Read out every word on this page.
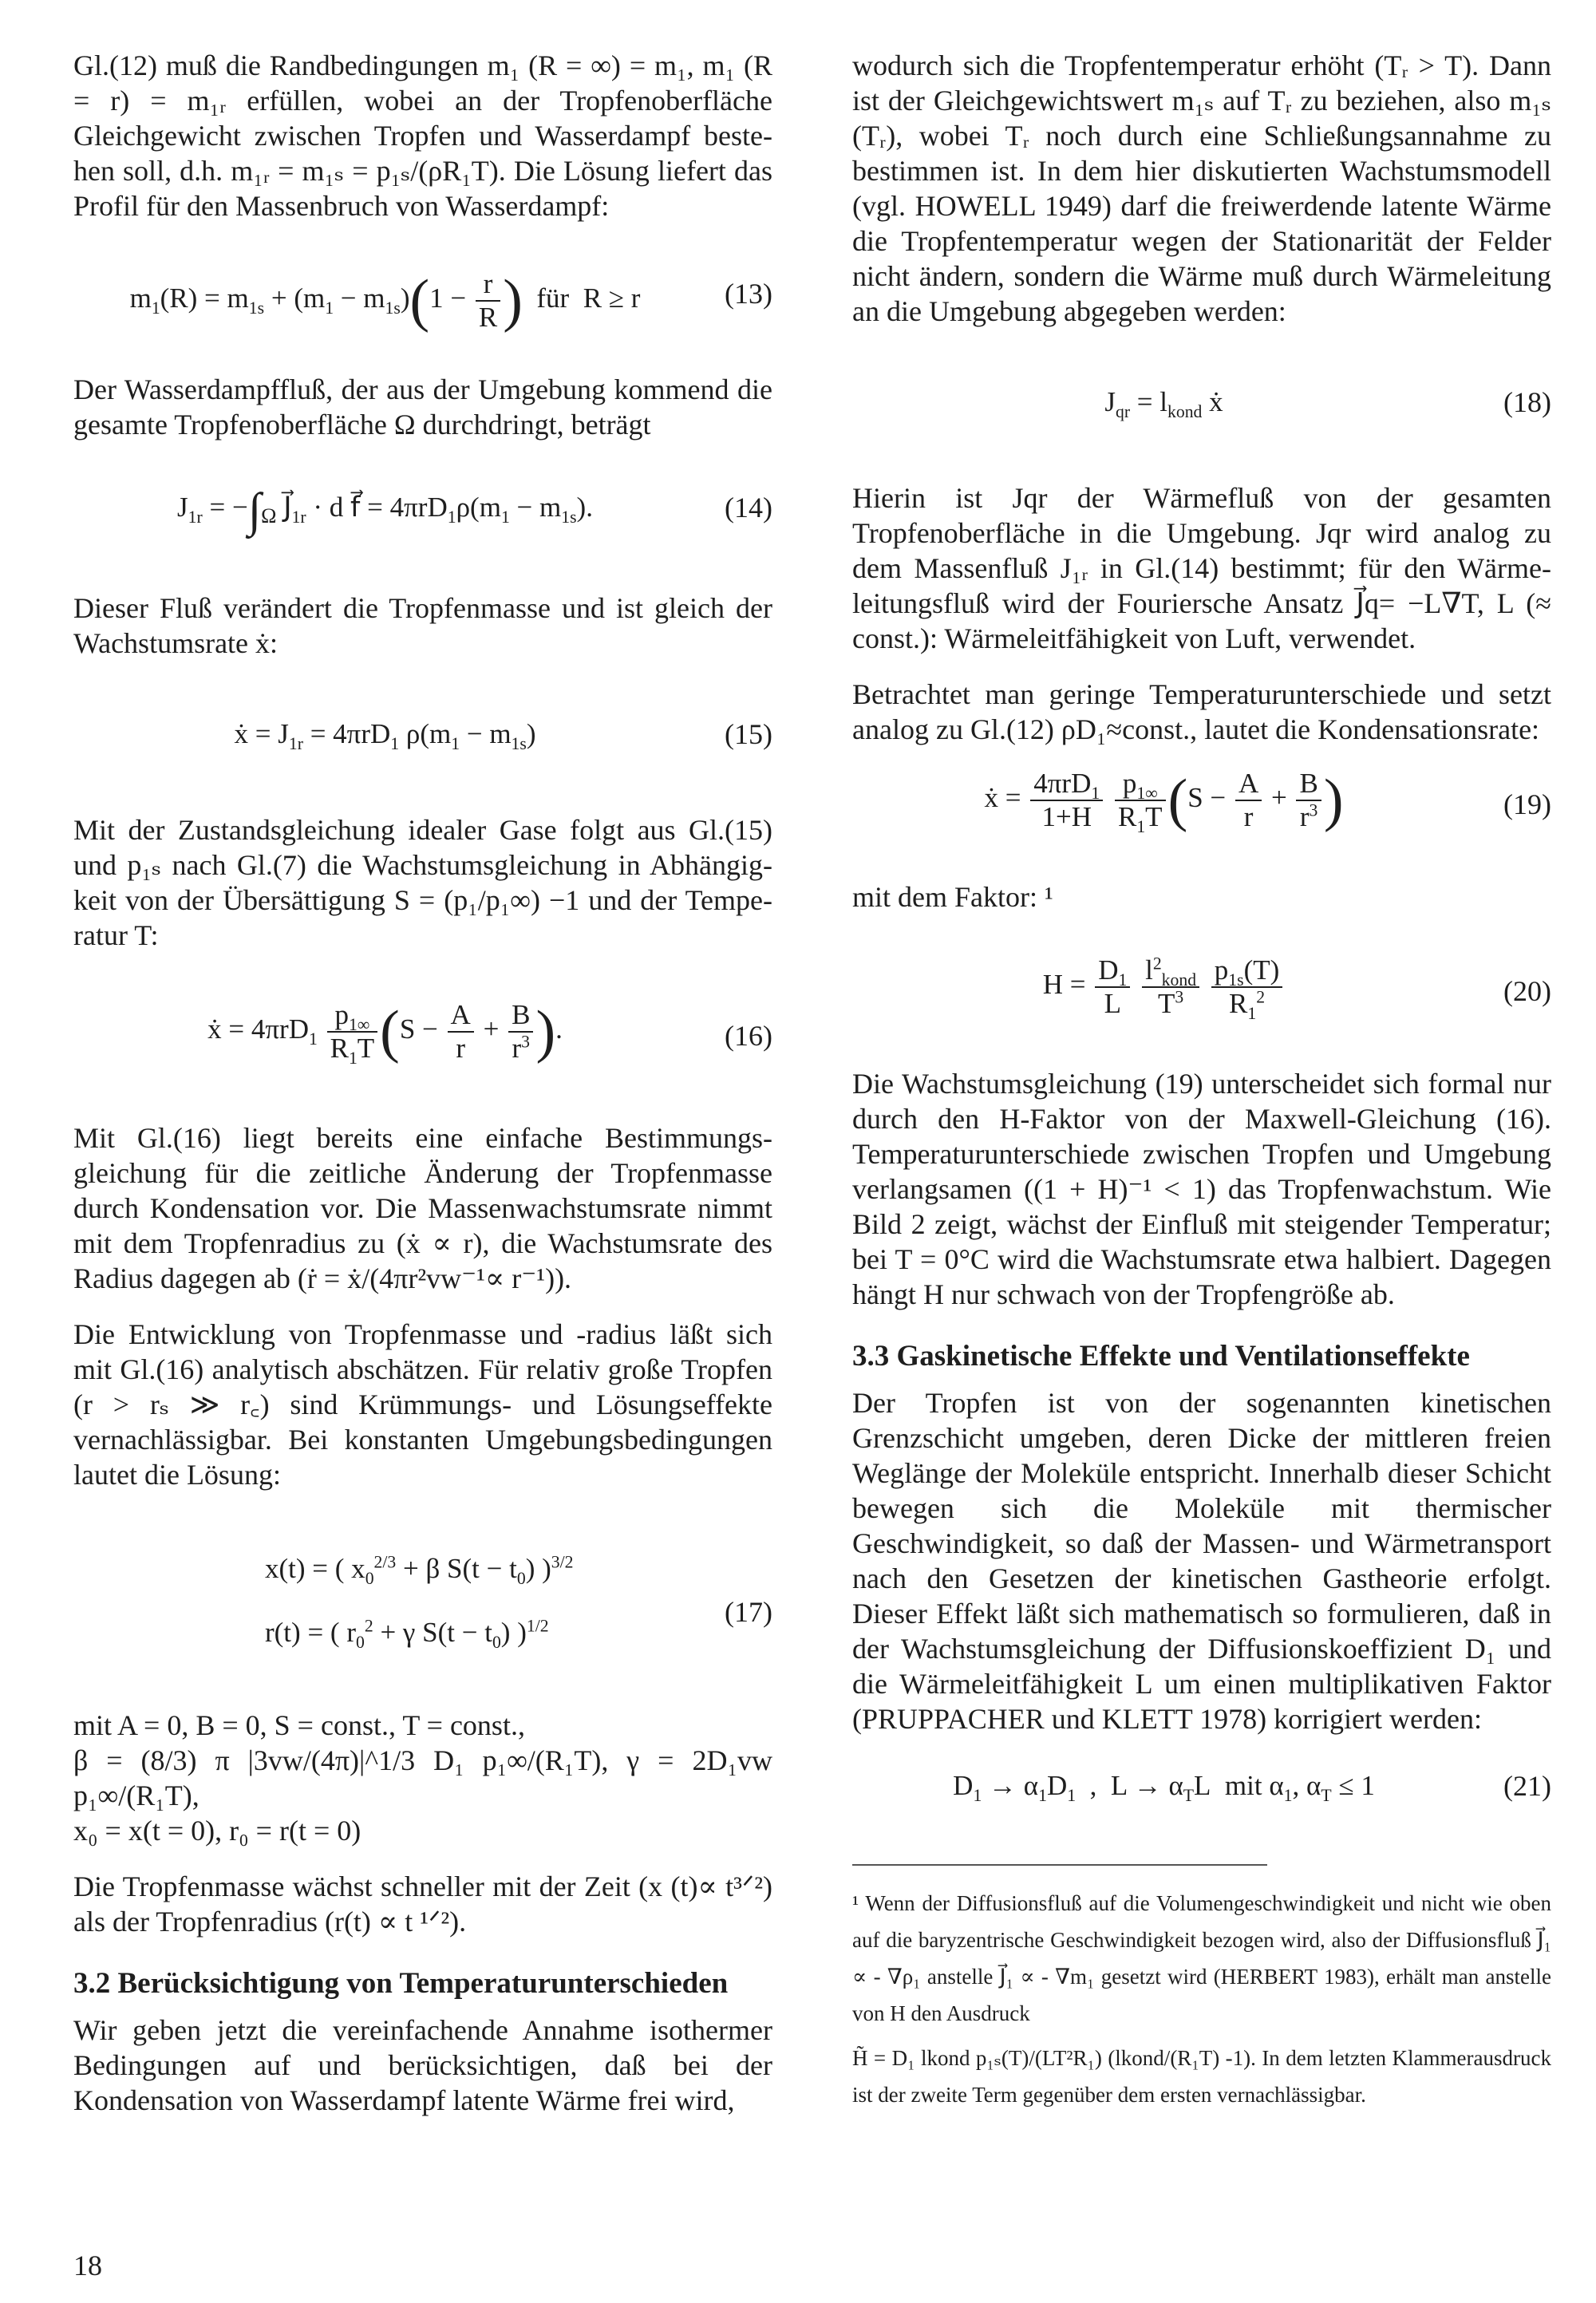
Gl.(12) muß die Randbedingungen m₁ (R = ∞) = m₁, m₁ (R = r) = m₁ᵣ erfüllen, wobei an der Tropfenoberfläche Gleichgewicht zwischen Tropfen und Wasserdampf bestehen soll, d.h. m₁ᵣ = m₁ₛ = p₁ₛ/(ρR₁T). Die Lösung liefert das Profil für den Massenbruch von Wasserdampf:

$m_1(R) = m_{1s} + (m_1 - m_{1s})(1 - \frac{r}{R}$ )  für  R ≥ r	(13)

Der Wasserdampffluß, der aus der Umgebung kommend die gesamte Tropfenoberfläche Ω durchdringt, beträgt

$J_{1r} = -\int_\Omega$ $J⃗_{1r} \cdot d$ f⃗ = $4\pi rD_1\rho(m_1 - m_{1s})$.	(14)

Dieser Fluß verändert die Tropfenmasse und ist gleich der Wachstumsrate ẋ:

ẋ = $J_{1r} = 4\pi rD_1$ $\rho(m_1 - m_{1s})$	(15)

Mit der Zustandsgleichung idealer Gase folgt aus Gl.(15) und p₁ₛ nach Gl.(7) die Wachstumsgleichung in Abhängigkeit von der Übersättigung S = (p₁/p₁∞) −1 und der Temperatur T:

ẋ = $4\pi rD_1 \frac{p_{1\infty}}{R_1T} (S - \frac{A}{r} + \frac{B}{r^3}$ ).	(16)

Mit Gl.(16) liegt bereits eine einfache Bestimmungsgleichung für die zeitliche Änderung der Tropfenmasse durch Kondensation vor. Die Massenwachstumsrate nimmt mit dem Tropfenradius zu (ẋ ∝ r), die Wachstumsrate des Radius dagegen ab (ṙ = ẋ/(4πr²vw⁻¹∝ r⁻¹)).

Die Entwicklung von Tropfenmasse und -radius läßt sich mit Gl.(16) analytisch abschätzen. Für relativ große Tropfen (r > rₛ ≫ r꜀) sind Krümmungs- und Lösungseffekte vernachlässigbar. Bei konstanten Umgebungsbedingungen lautet die Lösung:

x(t) = ( $x_0^{2/3} + \beta$ $S(t - t_0)$ )$^{3/2}$
r(t) = ( $r_0^2 + \gamma$ $S(t - t_0)$ )$^{1/2}$	(17)

mit A = 0, B = 0, S = const., T = const.,

β = (8/3) π |3vw/(4π)|^1/3 D₁ p₁∞/(R₁T), γ = 2D₁vw p₁∞/(R₁T),

x₀ = x(t = 0), r₀ = r(t = 0)

Die Tropfenmasse wächst schneller mit der Zeit (x (t)∝ t³ᐟ²) als der Tropfenradius (r(t) ∝ t ¹ᐟ²).

3.2 Berücksichtigung von Temperaturunterschieden

Wir geben jetzt die vereinfachende Annahme isothermer Bedingungen auf und berücksichtigen, daß bei der Kondensation von Wasserdampf latente Wärme frei wird,

wodurch sich die Tropfentemperatur erhöht (Tᵣ > T). Dann ist der Gleichgewichtswert m₁ₛ auf Tᵣ zu beziehen, also m₁ₛ (Tᵣ), wobei Tᵣ noch durch eine Schließungsannahme zu bestimmen ist. In dem hier diskutierten Wachstumsmodell (vgl. HOWELL 1949) darf die freiwerdende latente Wärme die Tropfentemperatur wegen der Stationarität der Felder nicht ändern, sondern die Wärme muß durch Wärmeleitung an die Umgebung abgegeben werden:

$J_{qr} = l_{kond}$ ẋ	(18)

Hierin ist Jqr der Wärmefluß von der gesamten Tropfenoberfläche in die Umgebung. Jqr wird analog zu dem Massenfluß J₁ᵣ in Gl.(14) bestimmt; für den Wärmeleitungsfluß wird der Fouriersche Ansatz J⃗q= −L∇T, L (≈ const.): Wärmeleitfähigkeit von Luft, verwendet.

Betrachtet man geringe Temperaturunterschiede und setzt analog zu Gl.(12) ρD₁≈const., lautet die Kondensationsrate:

ẋ = $\frac{4\pi rD_1}{1+H}$
$\frac{p_{1\infty}}{R_1T} (S - \frac{A}{r} + \frac{B}{r^3}$ )	(19)

mit dem Faktor: ¹

$H = \frac{D_1}{L}$
$\frac{l^2_{kond}}{T^3}$
$\frac{p_{1s}(T)}{R_1^2}$	(20)

Die Wachstumsgleichung (19) unterscheidet sich formal nur durch den H-Faktor von der Maxwell-Gleichung (16). Temperaturunterschiede zwischen Tropfen und Umgebung verlangsamen ((1 + H)⁻¹ < 1) das Tropfenwachstum. Wie Bild 2 zeigt, wächst der Einfluß mit steigender Temperatur; bei T = 0°C wird die Wachstumsrate etwa halbiert. Dagegen hängt H nur schwach von der Tropfengröße ab.

3.3 Gaskinetische Effekte und Ventilationseffekte

Der Tropfen ist von der sogenannten kinetischen Grenzschicht umgeben, deren Dicke der mittleren freien Weglänge der Moleküle entspricht. Innerhalb dieser Schicht bewegen sich die Moleküle mit thermischer Geschwindigkeit, so daß der Massen- und Wärmetransport nach den Gesetzen der kinetischen Gastheorie erfolgt. Dieser Effekt läßt sich mathematisch so formulieren, daß in der Wachstumsgleichung der Diffusionskoeffizient D₁ und die Wärmeleitfähigkeit L um einen multiplikativen Faktor (PRUPPACHER und KLETT 1978) korrigiert werden:

$D_1 \to \alpha_1D_1$  ,  $L \to \alpha_TL$  mit $\alpha_1$, $\alpha_T \le 1$	(21)

¹ Wenn der Diffusionsfluß auf die Volumengeschwindigkeit und nicht wie oben auf die baryzentrische Geschwindigkeit bezogen wird, also der Diffusionsfluß J⃗₁ ∝ - ∇ρ₁ anstelle J⃗₁ ∝ - ∇m₁ gesetzt wird (HERBERT 1983), erhält man anstelle von H den Ausdruck

H̃ = D₁ lkond p₁ₛ(T)/(LT²R₁) (lkond/(R₁T) -1). In dem letzten Klammerausdruck ist der zweite Term gegenüber dem ersten vernachlässigbar.

18
